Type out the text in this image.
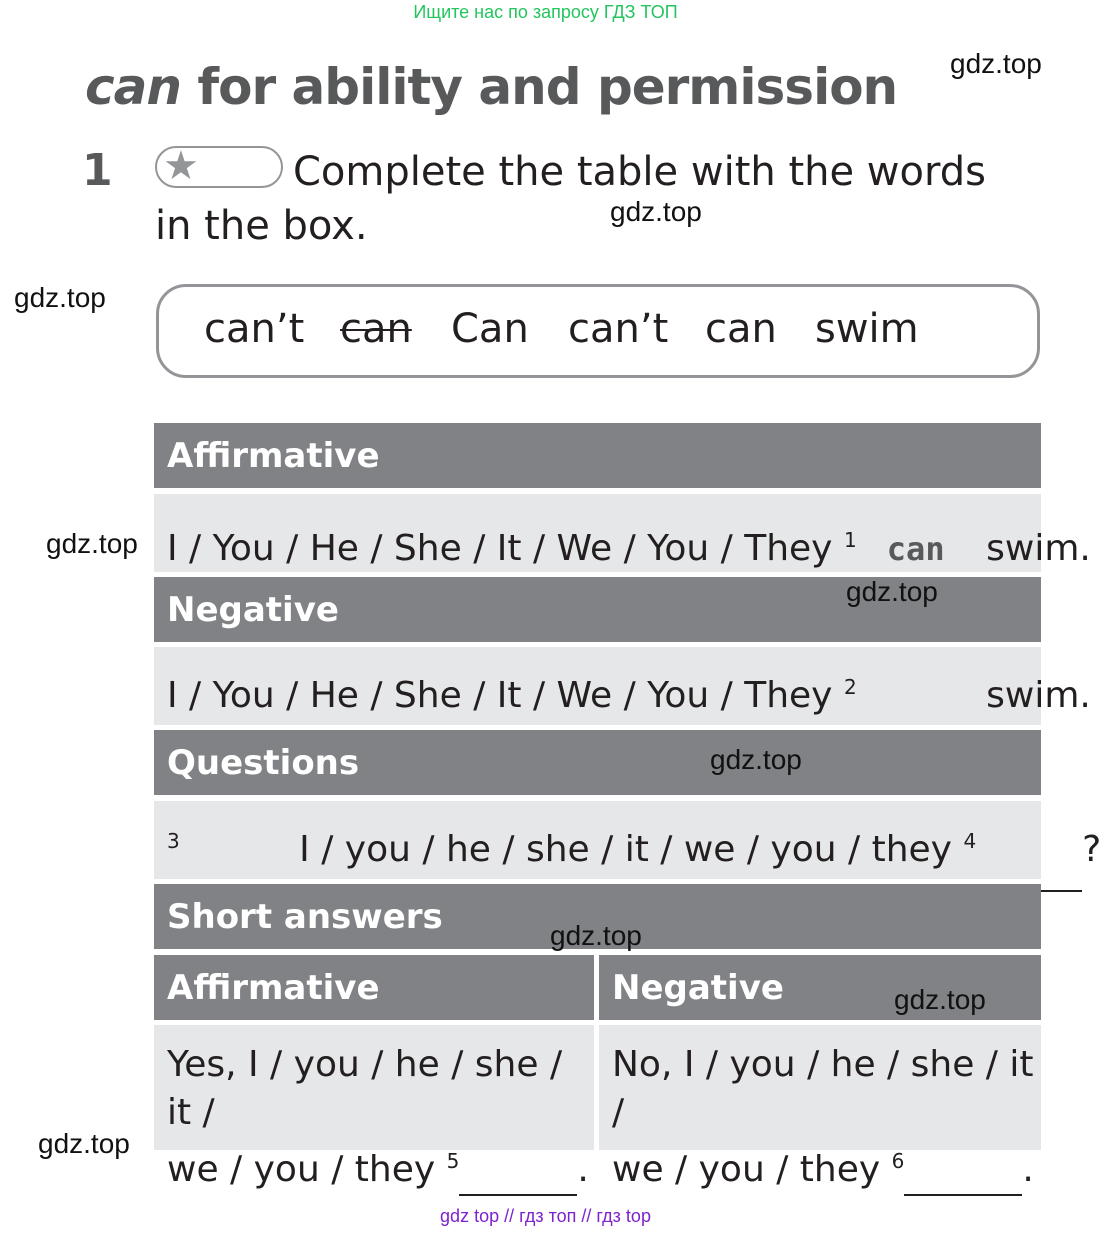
Ищите нас по запросу ГДЗ ТОП
gdz.top
gdz.top
gdz.top
gdz.top
can for ability and permission
1 ★	Complete the table with the words in the box.
can’t can Can can’t can swim
Affirmative
I / You / He / She / It / We / You / They $^1$ can swim.
Negative
I / You / He / She / It / We / You / They $^2$	swim.
Questions
$^3$	I / you / he / she / it / we / you / they $^4$	?
Short answers
Affirmative	Negative
Yes, I / you / he / she / it /
we / you / they $^5$	.
No, I / you / he / she / it /
we / you / they $^6$	.
gdz.top
gdz.top
gdz.top
gdz.top
gdz.top
gdz top // гдз топ // гдз top
